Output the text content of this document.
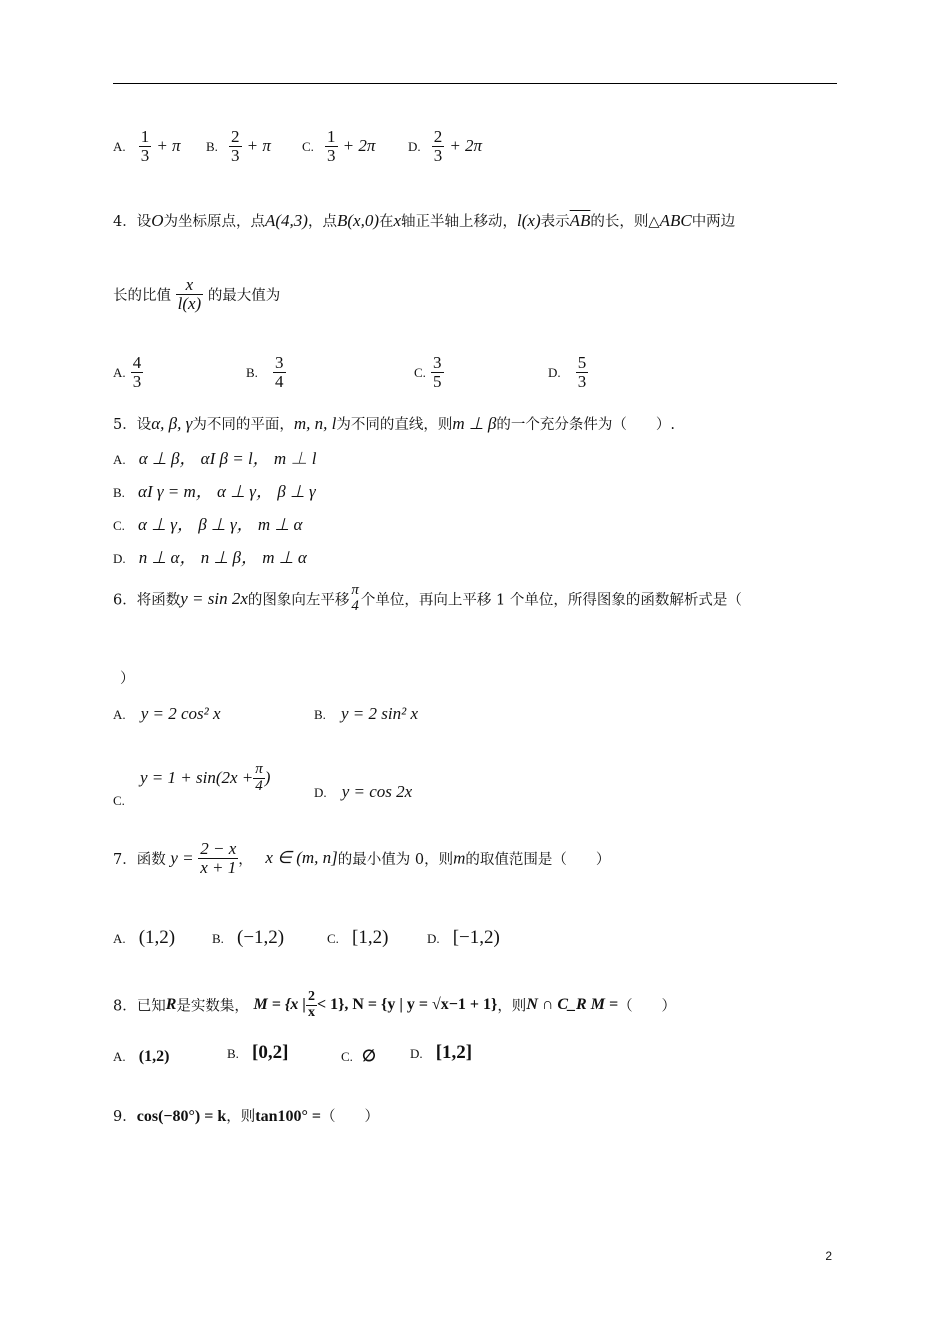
A. $\frac{1}{3} + \pi$ B. $\frac{2}{3} + \pi$ C. $\frac{1}{3} + 2\pi$	D. $\frac{2}{3} + 2\pi$
4．设O为坐标原点，点A(4,3)，点B(x,0)在x轴正半轴上移动，l(x)表示$\overline{AB}$的长，则△ABC中两边
长的比值 $\frac{x}{l(x)}$ 的最大值为
A. $\frac{4}{3}$	B. $\frac{3}{4}$	C. $\frac{3}{5}$	D. $\frac{5}{3}$
5．设α, β, γ为不同的平面，m, n, l为不同的直线，则m ⊥ β的一个充分条件为（　　）.
A. α ⊥ β， αI β = l， m ⊥ l
B. αI γ = m， α ⊥ γ， β ⊥ γ
C. α ⊥ γ， β ⊥ γ， m ⊥ α
D. n ⊥ α， n ⊥ β， m ⊥ α
6．将函数y = sin 2x的图象向左平移
π
4 个单位，再向上平移 1 个单位，所得图象的函数解析式是（
）
A. y = 2 cos² x	B. y = 2 sin² x
$_{C.}$ $y = 1 + \sin(2x + \frac{\pi}{4}$ )
D. y = cos 2x
7．函数 $y = \frac{2 - x}{x + 1}$ ， x ∈ (m, n]的最小值为 0，则m的取值范围是（　　）
A. (1,2)	B. (−1,2)	C. [1,2)	D. [−1,2)
8．已知R是实数集， M = {x | $\frac{2}{x} < 1$}, N = {y | y = √x−1 + 1}，则N ∩ C_R M =（　　）
A. (1,2)	B. [0,2]	C. ∅	D. [1,2]
9．cos(−80°) = k，则tan100° =（　　）
2
